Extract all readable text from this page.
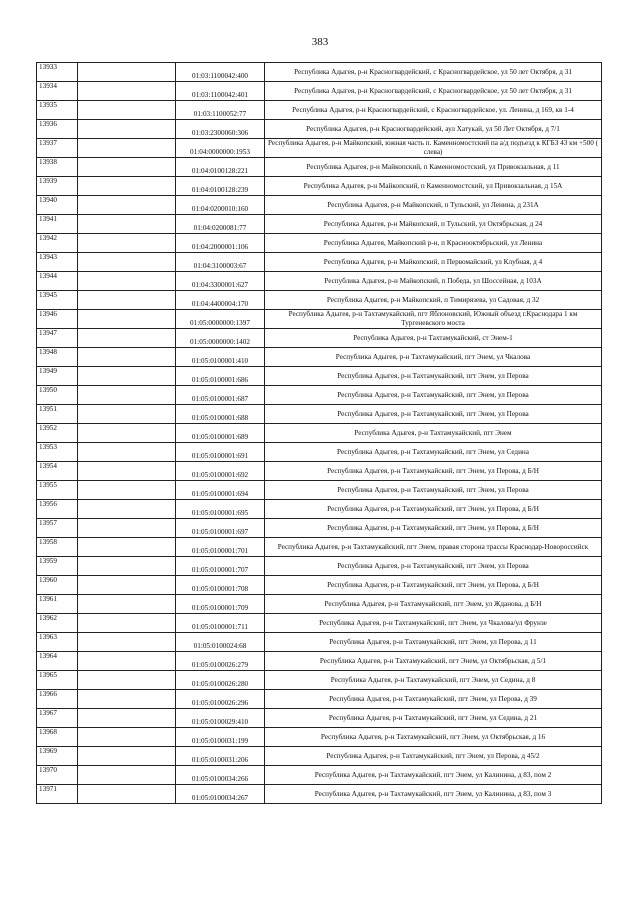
383
13933		01:03:1100042:400	Республика Адыгея, р-н Красногвардейский, с Красногвардейское, ул 50 лет Октября, д 31
13934		01:03:1100042:401	Республика Адыгея, р-н Красногвардейский, с Красногвардейское, ул 50 лет Октября, д 31
13935		01:03:1100052:77	Республика Адыгея, р-н Красногвардейский, с Красногвардейское, ул. Ленина, д 169, кв 1-4
13936		01:03:2300060:306	Республика Адыгея, р-н Красногвардейский, аул Хатукай, ул 50 Лет Октября, д 7/1
13937		01:04:0000000:1953	Республика Адыгея, р-н Майкопский, южная часть п. Каменномостский па а/д подъезд к КГБЗ 43 км +500 ( слева)
13938		01:04:0100128:221	Республика Адыгея, р-н Майкопский, п Каменномостский, ул Привокзальная, д 11
13939		01:04:0100128:239	Республика Адыгея, р-н Майкопский, п Каменномостский, ул Привокзальная, д 15А
13940		01:04:0200010:160	Республика Адыгея, р-н Майкопский, п Тульский, ул Ленина, д 231А
13941		01:04:0200081:77	Республика Адыгея, р-н Майкопский, п Тульский, ул Октябрьская, д 24
13942		01:04:2000001:106	Республика Адыгея, Майкопский р-н, п Краснооктябрьский, ул Ленина
13943		01:04:3100003:67	Республика Адыгея, р-н Майкопский, п Первомайский, ул Клубная, д 4
13944		01:04:3300001:627	Республика Адыгея, р-н Майкопский, п Победа, ул Шоссейная, д 103А
13945		01:04:4400004:170	Республика Адыгея, р-н Майкопский, п Тимирязева, ул Садовая, д 32
13946		01:05:0000000:1397	Республика Адыгея, р-н Тахтамукайский, пгт Яблоновский, Южный объезд г.Краснодара 1 км Тургеневского моста
13947		01:05:0000000:1402	Республика Адыгея, р-н Тахтамукайский, ст Энем-1
13948		01:05:0100001:410	Республика Адыгея, р-н Тахтамукайский, пгт Энем, ул Чкалова
13949		01:05:0100001:686	Республика Адыгея, р-н Тахтамукайский, пгт Энем, ул Перова
13950		01:05:0100001:687	Республика Адыгея, р-н Тахтамукайский, пгт Энем, ул Перова
13951		01:05:0100001:688	Республика Адыгея, р-н Тахтамукайский, пгт Энем, ул Перова
13952		01:05:0100001:689	Республика Адыгея, р-н Тахтамукайский, пгт Энем
13953		01:05:0100001:691	Республика Адыгея, р-н Тахтамукайский, пгт Энем, ул Седина
13954		01:05:0100001:692	Республика Адыгея, р-н Тахтамукайский, пгт Энем, ул Перова, д Б/Н
13955		01:05:0100001:694	Республика Адыгея, р-н Тахтамукайский, пгт Энем, ул Перова
13956		01:05:0100001:695	Республика Адыгея, р-н Тахтамукайский, пгт Энем, ул Перова, д Б/Н
13957		01:05:0100001:697	Республика Адыгея, р-н Тахтамукайский, пгт Энем, ул Перова, д Б/Н
13958		01:05:0100001:701	Республика Адыгея, р-н Тахтамукайский, пгт Энем, правая сторона трассы Краснодар-Новороссийск
13959		01:05:0100001:707	Республика Адыгея, р-н Тахтамукайский, пгт Энем, ул Перова
13960		01:05:0100001:708	Республика Адыгея, р-н Тахтамукайский, пгт Энем, ул Перова, д Б/Н
13961		01:05:0100001:709	Республика Адыгея, р-н Тахтамукайский, пгт Энем, ул Жданова, д Б/Н
13962		01:05:0100001:711	Республика Адыгея, р-н Тахтамукайский, пгт Энем, ул Чкалова/ул Фрунзе
13963		01:05:0100024:68	Республика Адыгея, р-н Тахтамукайский, пгт Энем, ул Перова, д 11
13964		01:05:0100026:279	Республика Адыгея, р-н Тахтамукайский, пгт Энем, ул Октябрьская, д 5/1
13965		01:05:0100026:280	Республика Адыгея, р-н Тахтамукайский, пгт Энем, ул Седина, д 8
13966		01:05:0100026:296	Республика Адыгея, р-н Тахтамукайский, пгт Энем, ул Перова, д 39
13967		01:05:0100029:410	Республика Адыгея, р-н Тахтамукайский, пгт Энем, ул Седина, д 21
13968		01:05:0100031:199	Республика Адыгея, р-н Тахтамукайский, пгт Энем, ул Октябрьская, д 16
13969		01:05:0100031:206	Республика Адыгея, р-н Тахтамукайский, пгт Энем, ул Перова, д 45/2
13970		01:05:0100034:266	Республика Адыгея, р-н Тахтамукайский, пгт Энем, ул Калинина, д 83, пом 2
13971		01:05:0100034:267	Республика Адыгея, р-н Тахтамукайский, пгт Энем, ул Калинина, д 83, пом 3
